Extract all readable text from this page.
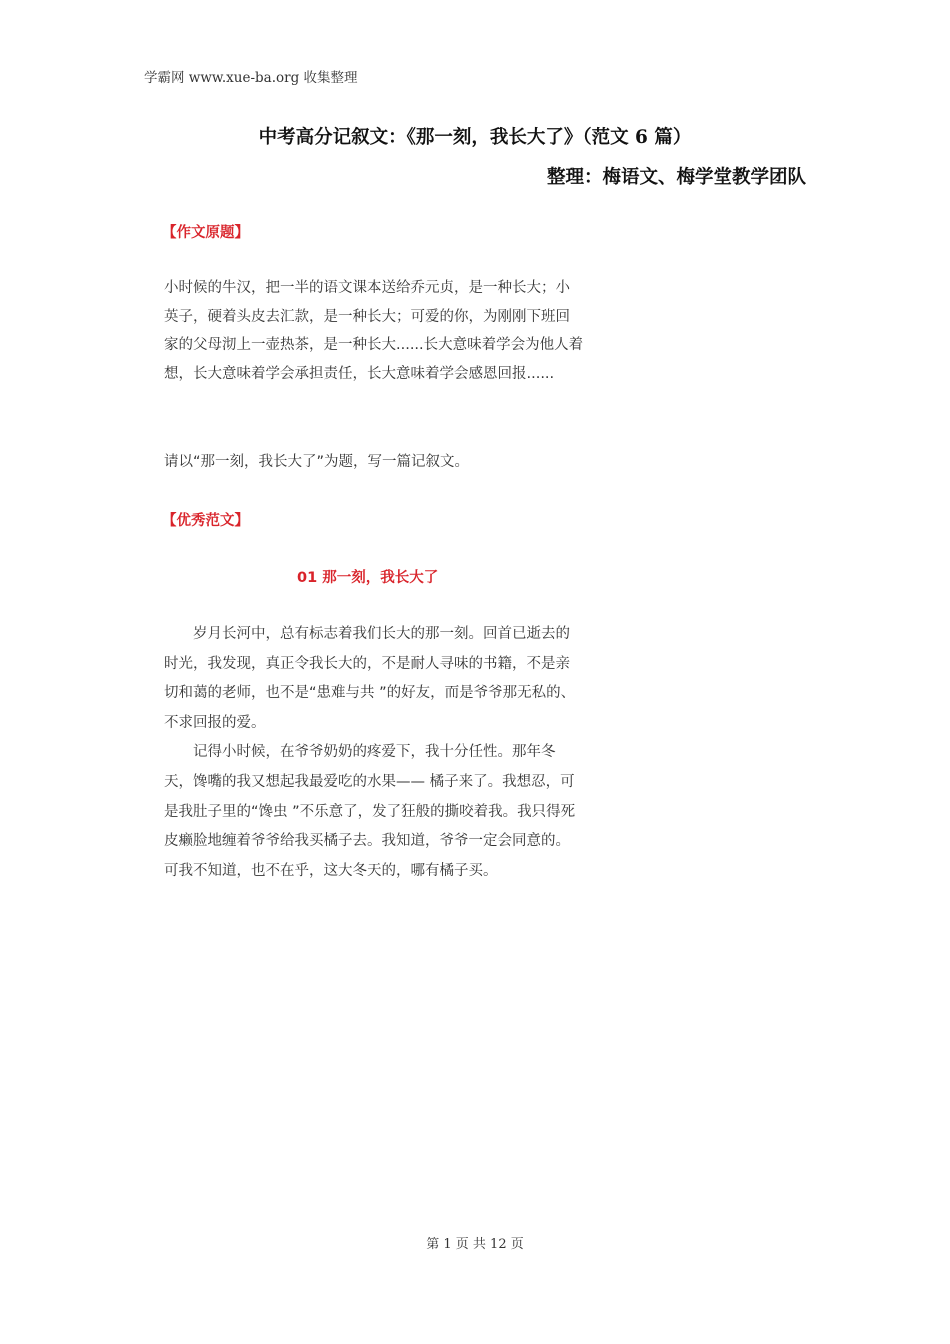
学霸网 www.xue-ba.org 收集整理
中考高分记叙文：《那一刻，我长大了》（范文 6 篇）
整理：梅语文、梅学堂教学团队
【作文原题】
小时候的牛汉，把一半的语文课本送给乔元贞，是一种长大；小英子，硬着头皮去汇款，是一种长大；可爱的你，为刚刚下班回家的父母沏上一壶热茶，是一种长大......长大意味着学会为他人着想，长大意味着学会承担责任，长大意味着学会感恩回报......
请以“那一刻，我长大了”为题，写一篇记叙文。
【优秀范文】
01 那一刻，我长大了

岁月长河中，总有标志着我们长大的那一刻。回首已逝去的时光，我发现，真正令我长大的，不是耐人寻味的书籍，不是亲切和蔼的老师，也不是“患难与共 ”的好友，而是爷爷那无私的、不求回报的爱。

记得小时候，在爷爷奶奶的疼爱下，我十分任性。那年冬天，馋嘴的我又想起我最爱吃的水果—— 橘子来了。我想忍，可是我肚子里的“馋虫 ”不乐意了，发了狂般的撕咬着我。我只得死皮癞脸地缠着爷爷给我买橘子去。我知道，爷爷一定会同意的。可我不知道，也不在乎，这大冬天的，哪有橘子买。

第 1 页 共 12 页
